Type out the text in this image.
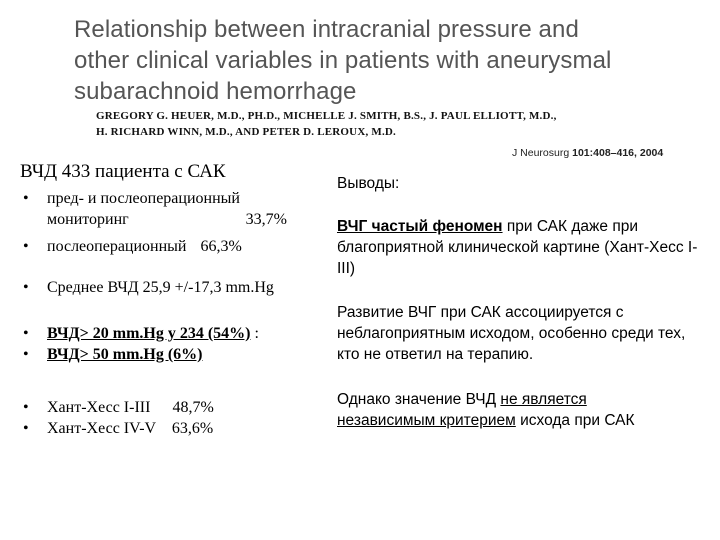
Relationship between intracranial pressure and other clinical variables in patients with aneurysmal subarachnoid hemorrhage
GREGORY G. HEUER, M.D., PH.D., MICHELLE J. SMITH, B.S., J. PAUL ELLIOTT, M.D.,
H. RICHARD WINN, M.D., AND PETER D. LEROUX, M.D.
J Neurosurg 101:408–416, 2004
ВЧД 433 пациента с САК
• пред- и послеоперационный
мониторинг	33,7%
• послеоперационный 66,3%
• Среднее ВЧД 25,9 +/-17,3 mm.Hg
• ВЧД> 20 mm.Hg у 234 (54%) :
• ВЧД> 50 mm.Hg (6%)
• Хант-Хесс I-III 48,7%
• Хант-Хесс IV-V 63,6%
Выводы:
ВЧГ частый феномен при САК даже при благоприятной клинической картине (Хант-Хесс I-III)
Развитие ВЧГ при САК ассоциируется с неблагоприятным исходом, особенно среди тех, кто не ответил на терапию.
Однако значение ВЧД не является
независимым критерием исхода при САК
